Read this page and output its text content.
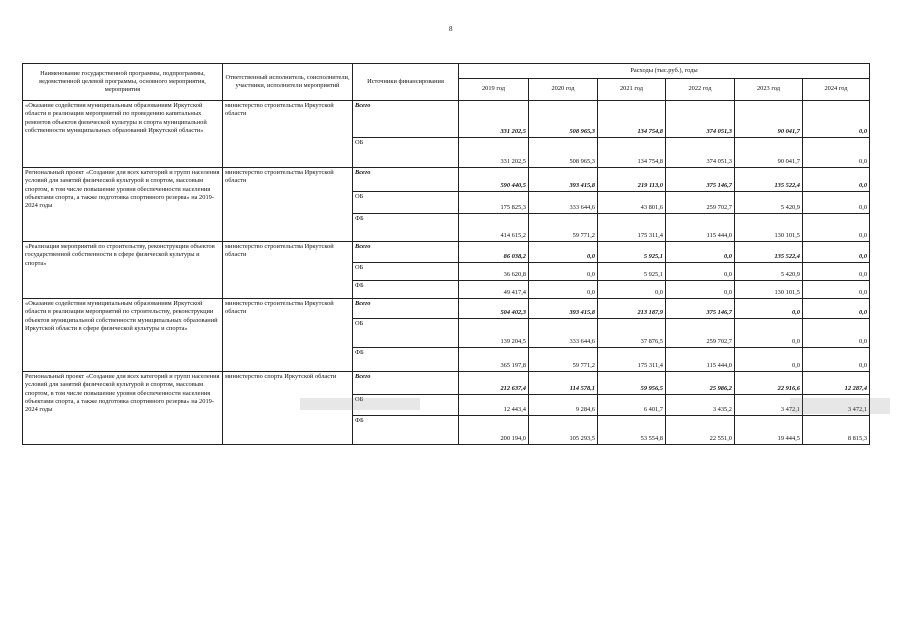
8
Наименование государственной программы, подпрограммы, ведомственной целевой программы, основного мероприятия, мероприятия	Ответственный исполнитель, соисполнители, участники, исполнители мероприятий	Источники финансирования	Расходы (тыс.руб.), годы					
			2019 год	2020 год	2021 год	2022 год	2023 год	2024 год
«Оказание содействия муниципальным образованиям Иркутской области в реализации мероприятий по проведению капитальных ремонтов объектов физической культуры и спорта муниципальной собственности муниципальных образований Иркутской области»	министерство строительства Иркутской области	Всего	331 202,5	508 965,3	134 754,8	374 051,3	90 041,7	0,0
		ОБ	331 202,5	508 965,3	134 754,8	374 051,3	90 041,7	0,0
Региональный проект «Создание для всех категорий и групп населения условий для занятий физической культурой и спортом, массовым спортом, в том числе повышение уровня обеспеченности населения объектами спорта, а также подготовка спортивного резерва» на 2019-2024 годы	министерство строительства Иркутской области	Всего	590 440,5	393 415,8	219 113,0	375 146,7	135 522,4	0,0
		ОБ	175 825,3	333 644,6	43 801,6	259 702,7	5 420,9	0,0
		ФБ	414 615,2	59 771,2	175 311,4	115 444,0	130 101,5	0,0
«Реализация мероприятий по строительству, реконструкции объектов государственной собственности в сфере физической культуры и спорта»	министерство строительства Иркутской области	Всего	86 038,2	0,0	5 925,1	0,0	135 522,4	0,0
		ОБ	36 620,8	0,0	5 925,1	0,0	5 420,9	0,0
		ФБ	49 417,4	0,0	0,0	0,0	130 101,5	0,0
«Оказание содействия муниципальным образованиям Иркутской области в реализации мероприятий по строительству, реконструкции объектов муниципальной собственности муниципальных образований Иркутской области в сфере физической культуры и спорта»	министерство строительства Иркутской области	Всего	504 402,3	393 415,8	213 187,9	375 146,7	0,0	0,0
		ОБ	139 204,5	333 644,6	37 876,5	259 702,7	0,0	0,0
		ФБ	365 197,8	59 771,2	175 311,4	115 444,0	0,0	0,0
Региональный проект «Создание для всех категорий и групп населения условий для занятий физической культурой и спортом, массовым спортом, в том числе повышение уровня обеспеченности населения объектами спорта, а также подготовка спортивного резерва» на 2019-2024 годы	министерство спорта Иркутской области	Всего	212 637,4	114 578,1	59 956,5	25 986,2	22 916,6	12 287,4
		ОБ	12 443,4	9 284,6	6 401,7	3 435,2	3 472,1	3 472,1
		ФБ	200 194,0	105 293,5	53 554,8	22 551,0	19 444,5	8 815,3
